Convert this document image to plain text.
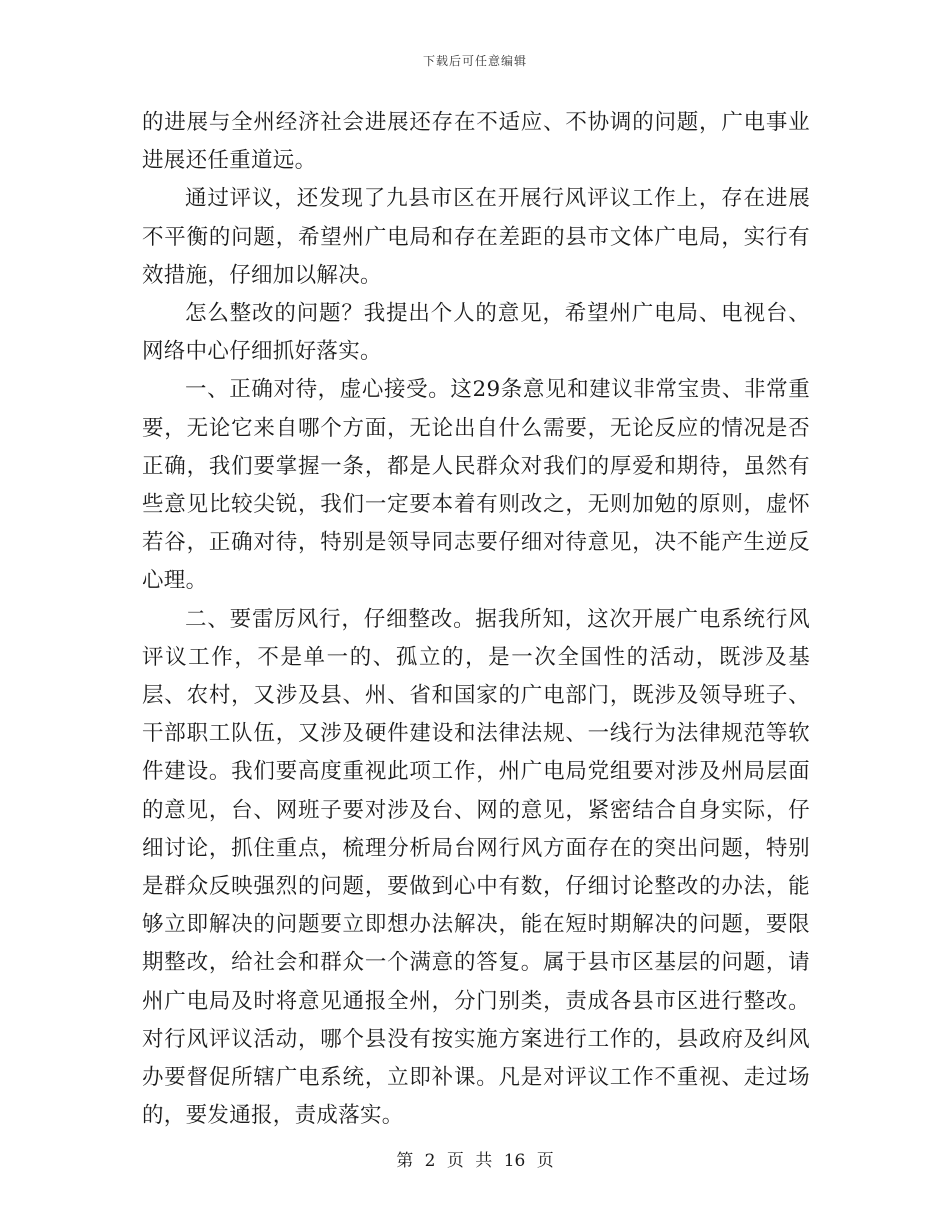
下载后可任意编辑

的进展与全州经济社会进展还存在不适应、不协调的问题，广电事业进展还任重道远。

通过评议，还发现了九县市区在开展行风评议工作上，存在进展不平衡的问题，希望州广电局和存在差距的县市文体广电局，实行有效措施，仔细加以解决。

怎么整改的问题？我提出个人的意见，希望州广电局、电视台、网络中心仔细抓好落实。

一、正确对待，虚心接受。这29条意见和建议非常宝贵、非常重要，无论它来自哪个方面，无论出自什么需要，无论反应的情况是否正确，我们要掌握一条，都是人民群众对我们的厚爱和期待，虽然有些意见比较尖锐，我们一定要本着有则改之，无则加勉的原则，虚怀若谷，正确对待，特别是领导同志要仔细对待意见，决不能产生逆反心理。

二、要雷厉风行，仔细整改。据我所知，这次开展广电系统行风评议工作，不是单一的、孤立的，是一次全国性的活动，既涉及基层、农村，又涉及县、州、省和国家的广电部门，既涉及领导班子、干部职工队伍，又涉及硬件建设和法律法规、一线行为法律规范等软件建设。我们要高度重视此项工作，州广电局党组要对涉及州局层面的意见，台、网班子要对涉及台、网的意见，紧密结合自身实际，仔细讨论，抓住重点，梳理分析局台网行风方面存在的突出问题，特别是群众反映强烈的问题，要做到心中有数，仔细讨论整改的办法，能够立即解决的问题要立即想办法解决，能在短时期解决的问题，要限期整改，给社会和群众一个满意的答复。属于县市区基层的问题，请州广电局及时将意见通报全州，分门别类，责成各县市区进行整改。对行风评议活动，哪个县没有按实施方案进行工作的，县政府及纠风办要督促所辖广电系统，立即补课。凡是对评议工作不重视、走过场的，要发通报，责成落实。

第 2 页 共 16 页
